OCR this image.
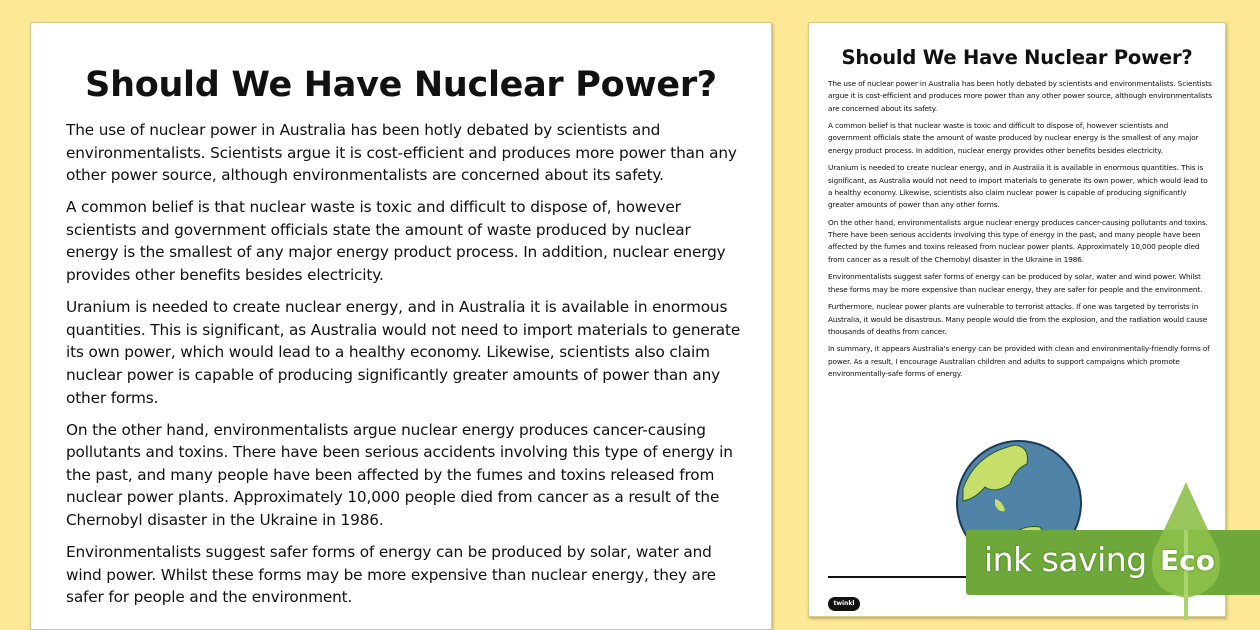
Should We Have Nuclear Power?

The use of nuclear power in Australia has been hotly debated by scientists and environmentalists. Scientists argue it is cost-efficient and produces more power than any other power source, although environmentalists are concerned about its safety.

A common belief is that nuclear waste is toxic and difficult to dispose of, however scientists and government officials state the amount of waste produced by nuclear energy is the smallest of any major energy product process. In addition, nuclear energy provides other benefits besides electricity.

Uranium is needed to create nuclear energy, and in Australia it is available in enormous quantities. This is significant, as Australia would not need to import materials to generate its own power, which would lead to a healthy economy. Likewise, scientists also claim nuclear power is capable of producing significantly greater amounts of power than any other forms.

On the other hand, environmentalists argue nuclear energy produces cancer-causing pollutants and toxins. There have been serious accidents involving this type of energy in the past, and many people have been affected by the fumes and toxins released from nuclear power plants. Approximately 10,000 people died from cancer as a result of the Chernobyl disaster in the Ukraine in 1986.

Environmentalists suggest safer forms of energy can be produced by solar, water and wind power. Whilst these forms may be more expensive than nuclear energy, they are safer for people and the environment.

Should We Have Nuclear Power?

The use of nuclear power in Australia has been hotly debated by scientists and environmentalists. Scientists argue it is cost-efficient and produces more power than any other power source, although environmentalists are concerned about its safety.

A common belief is that nuclear waste is toxic and difficult to dispose of, however scientists and government officials state the amount of waste produced by nuclear energy is the smallest of any major energy product process. In addition, nuclear energy provides other benefits besides electricity.

Uranium is needed to create nuclear energy, and in Australia it is available in enormous quantities. This is significant, as Australia would not need to import materials to generate its own power, which would lead to a healthy economy. Likewise, scientists also claim nuclear power is capable of producing significantly greater amounts of power than any other forms.

On the other hand, environmentalists argue nuclear energy produces cancer-causing pollutants and toxins. There have been serious accidents involving this type of energy in the past, and many people have been affected by the fumes and toxins released from nuclear power plants. Approximately 10,000 people died from cancer as a result of the Chernobyl disaster in the Ukraine in 1986.

Environmentalists suggest safer forms of energy can be produced by solar, water and wind power. Whilst these forms may be more expensive than nuclear energy, they are safer for people and the environment.

Furthermore, nuclear power plants are vulnerable to terrorist attacks. If one was targeted by terrorists in Australia, it would be disastrous. Many people would die from the explosion, and the radiation would cause thousands of deaths from cancer.

In summary, it appears Australia's energy can be provided with clean and environmentally-friendly forms of power. As a result, I encourage Australian children and adults to support campaigns which promote environmentally-safe forms of energy.

twinkl
ink saving Eco
